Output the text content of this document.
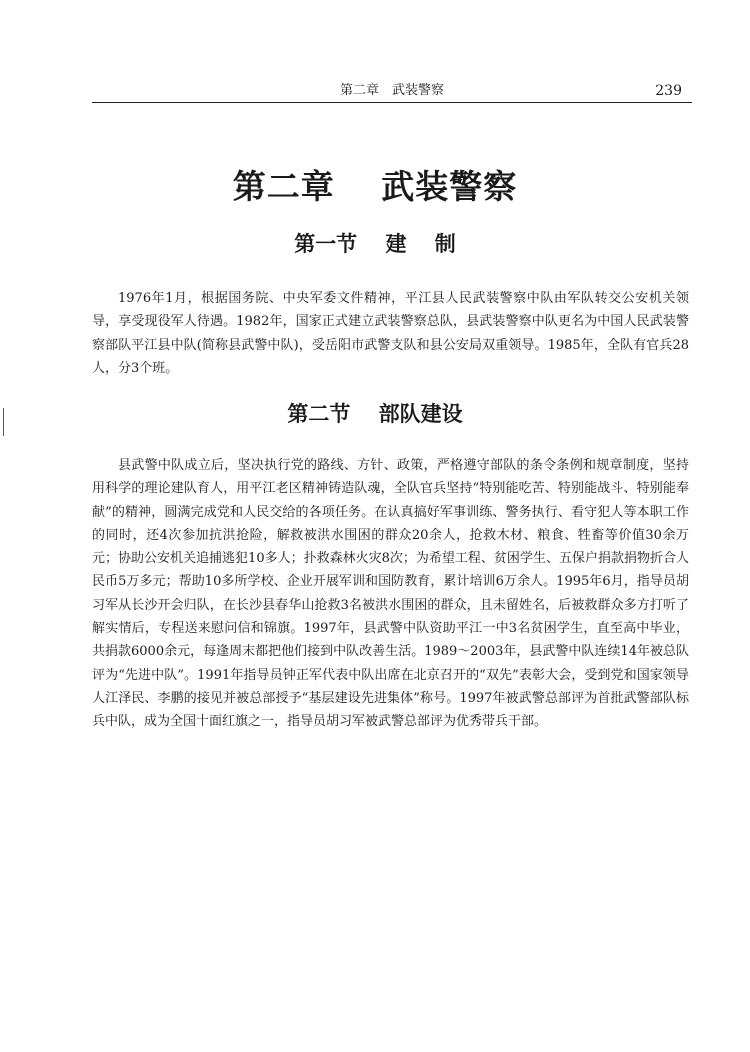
第二章　武装警察	239
第二章　 武装警察
第一节　 建　 制

1976年1月，根据国务院、中央军委文件精神，平江县人民武装警察中队由军队转交公安机关领导，享受现役军人待遇。1982年，国家正式建立武装警察总队，县武装警察中队更名为中国人民武装警察部队平江县中队(简称县武警中队)，受岳阳市武警支队和县公安局双重领导。1985年，全队有官兵28人，分3个班。

第二节　 部队建设

县武警中队成立后，坚决执行党的路线、方针、政策，严格遵守部队的条令条例和规章制度，坚持用科学的理论建队育人，用平江老区精神铸造队魂，全队官兵坚持“特别能吃苦、特别能战斗、特别能奉献”的精神，圆满完成党和人民交给的各项任务。在认真搞好军事训练、警务执行、看守犯人等本职工作的同时，还4次参加抗洪抢险，解救被洪水围困的群众20余人，抢救木材、粮食、牲畜等价值30余万元；协助公安机关追捕逃犯10多人；扑救森林火灾8次；为希望工程、贫困学生、五保户捐款捐物折合人民币5万多元；帮助10多所学校、企业开展军训和国防教育，累计培训6万余人。1995年6月，指导员胡习军从长沙开会归队，在长沙县春华山抢救3名被洪水围困的群众，且未留姓名，后被救群众多方打听了解实情后，专程送来慰问信和锦旗。1997年，县武警中队资助平江一中3名贫困学生，直至高中毕业，共捐款6000余元，每逢周末都把他们接到中队改善生活。1989～2003年，县武警中队连续14年被总队评为“先进中队”。1991年指导员钟正军代表中队出席在北京召开的“双先”表彰大会，受到党和国家领导人江泽民、李鹏的接见并被总部授予“基层建设先进集体”称号。1997年被武警总部评为首批武警部队标兵中队，成为全国十面红旗之一，指导员胡习军被武警总部评为优秀带兵干部。
